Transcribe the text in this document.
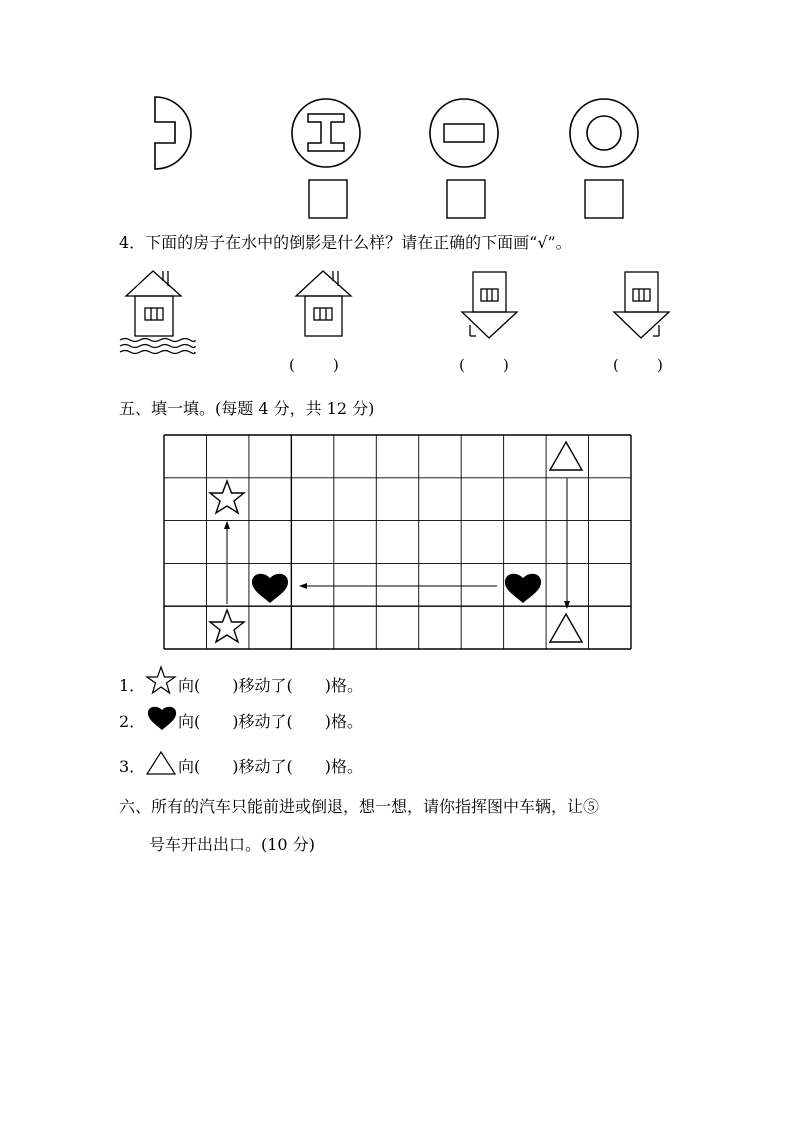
4．下面的房子在水中的倒影是什么样？请在正确的下面画“√”。
(        )	(        )	(        )
五、填一填。(每题 4 分，共 12 分)
1． 向(　　)移动了(　　)格。
2． 向(　　)移动了(　　)格。
3． 向(　　)移动了(　　)格。
六、所有的汽车只能前进或倒退，想一想，请你指挥图中车辆，让⑤
号车开出出口。(10 分)
